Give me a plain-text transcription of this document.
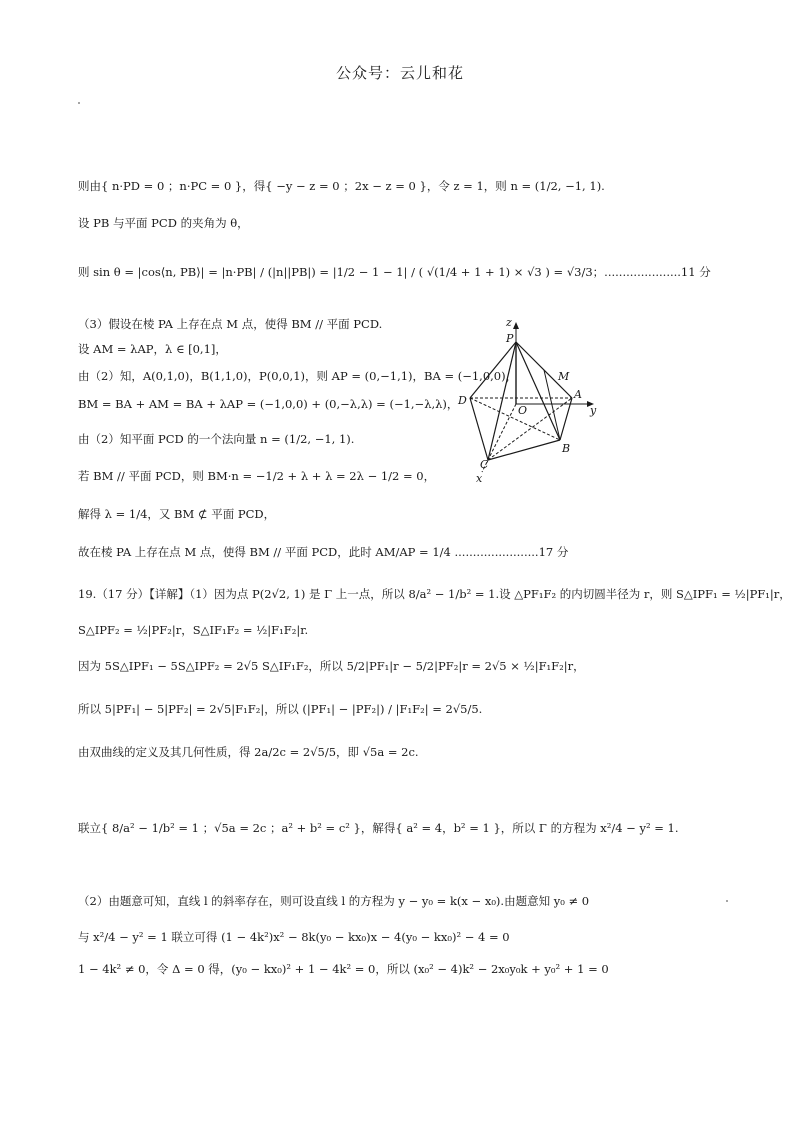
公众号：云儿和花
则由{ n·PD = 0 ；n·PC = 0 }，得{ −y − z = 0 ；2x − z = 0 }，令 z = 1，则 n = (1/2, −1, 1).
设 PB 与平面 PCD 的夹角为 θ，
则 sin θ = |cos⟨n, PB⟩| = |n·PB| / (|n||PB|) = |1/2 − 1 − 1| / ( √(1/4 + 1 + 1) × √3 ) = √3/3；.....................11 分
（3）假设在棱 PA 上存在点 M 点，使得 BM // 平面 PCD.
设 AM = λAP，λ ∈ [0,1]，
由（2）知，A(0,1,0)，B(1,1,0)，P(0,0,1)，则 AP = (0,−1,1)，BA = (−1,0,0)，
BM = BA + AM = BA + λAP = (−1,0,0) + (0,−λ,λ) = (−1,−λ,λ)，
由（2）知平面 PCD 的一个法向量 n = (1/2, −1, 1).
若 BM // 平面 PCD，则 BM·n = −1/2 + λ + λ = 2λ − 1/2 = 0，
解得 λ = 1/4，又 BM ⊄ 平面 PCD，
故在棱 PA 上存在点 M 点，使得 BM // 平面 PCD，此时 AM/AP = 1/4 .......................17 分
19.（17 分）【详解】（1）因为点 P(2√2, 1) 是 Γ 上一点，所以 8/a² − 1/b² = 1.设 △PF₁F₂ 的内切圆半径为 r，则 S△IPF₁ = ½|PF₁|r，
S△IPF₂ = ½|PF₂|r，S△IF₁F₂ = ½|F₁F₂|r.
因为 5S△IPF₁ − 5S△IPF₂ = 2√5 S△IF₁F₂，所以 5/2|PF₁|r − 5/2|PF₂|r = 2√5 × ½|F₁F₂|r，
所以 5|PF₁| − 5|PF₂| = 2√5|F₁F₂|，所以 (|PF₁| − |PF₂|) / |F₁F₂| = 2√5/5.
由双曲线的定义及其几何性质，得 2a/2c = 2√5/5，即 √5a = 2c.
联立{ 8/a² − 1/b² = 1 ；√5a = 2c ；a² + b² = c² }，解得{ a² = 4，b² = 1 }，所以 Γ 的方程为 x²/4 − y² = 1.
（2）由题意可知，直线 l 的斜率存在，则可设直线 l 的方程为 y − y₀ = k(x − x₀).由题意知 y₀ ≠ 0
与 x²/4 − y² = 1 联立可得 (1 − 4k²)x² − 8k(y₀ − kx₀)x − 4(y₀ − kx₀)² − 4 = 0
1 − 4k² ≠ 0，令 Δ = 0 得，(y₀ − kx₀)² + 1 − 4k² = 0，所以 (x₀² − 4)k² − 2x₀y₀k + y₀² + 1 = 0
z
P
M
D
O
A
y
B
C
x
